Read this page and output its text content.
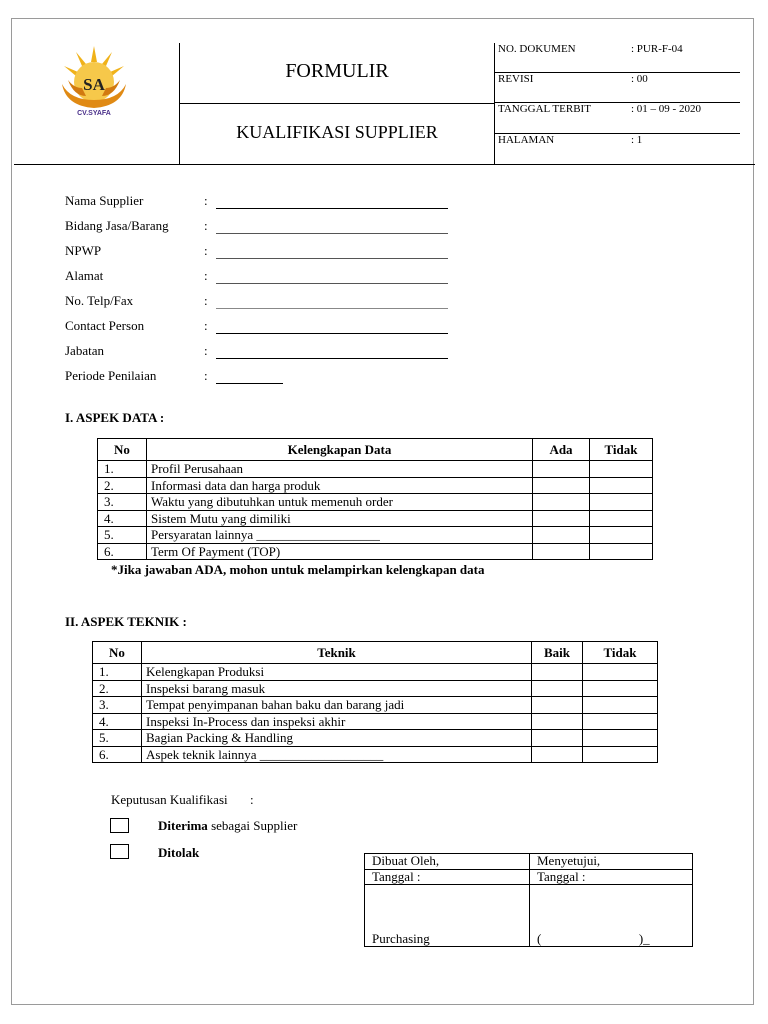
SA
CV.SYAFA
FORMULIR
KUALIFIKASI SUPPLIER
NO. DOKUMEN	: PUR-F-04
REVISI	: 00
TANGGAL TERBIT	: 01 – 09 - 2020
HALAMAN	: 1
Nama Supplier	:
Bidang Jasa/Barang	:
NPWP	:
Alamat	:
No. Telp/Fax	:
Contact Person	:
Jabatan	:
Periode Penilaian	:
I. ASPEK DATA :
No	Kelengkapan Data	Ada	Tidak
1.	Profil Perusahaan		
2.	Informasi data dan harga produk		
3.	Waktu yang dibutuhkan untuk memenuh order		
4.	Sistem Mutu yang dimiliki		
5.	Persyaratan lainnya ___________________		
6.	Term Of Payment (TOP)		
*Jika jawaban ADA, mohon untuk melampirkan kelengkapan data
II. ASPEK TEKNIK :
No	Teknik	Baik	Tidak
1.	Kelengkapan Produksi		
2.	Inspeksi barang masuk		
3.	Tempat penyimpanan bahan baku dan barang jadi		
4.	Inspeksi In-Process dan inspeksi akhir		
5.	Bagian Packing & Handling		
6.	Aspek teknik lainnya ___________________		
Keputusan Kualifikasi :
Diterima sebagai Supplier
Ditolak
Dibuat Oleh,	Menyetujui,
Tanggal :	Tanggal :
Purchasing	(                              )_
